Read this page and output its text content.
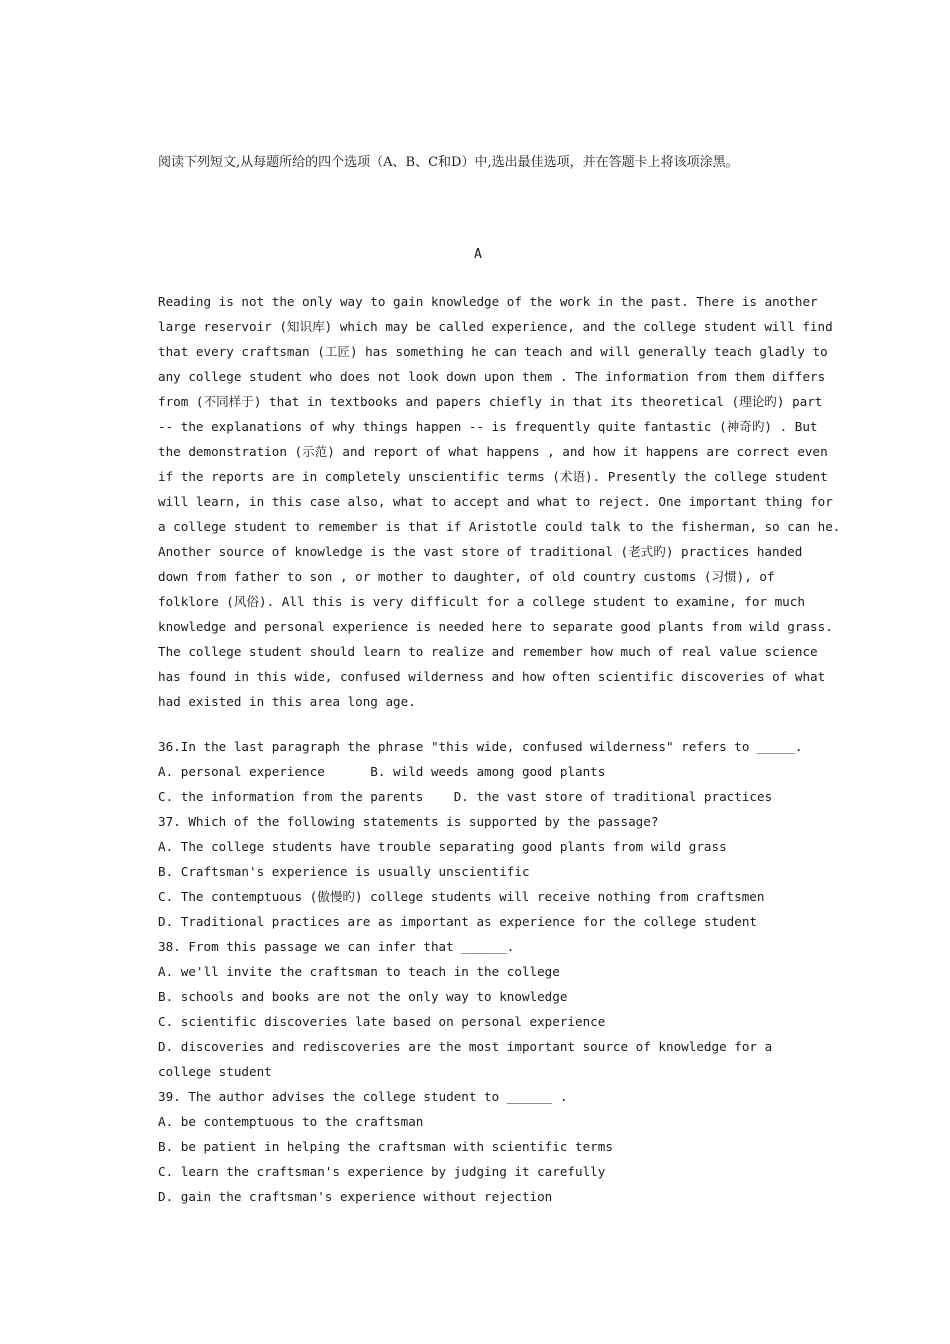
阅读下列短文,从每题所给的四个选项（A、B、C和D）中,选出最佳选项，并在答题卡上将该项涂黑。
A
Reading is not the only way to gain knowledge of the work in the past. There is another
large reservoir (知识库) which may be called experience, and the college student will find
that every craftsman (工匠) has something he can teach and will generally teach gladly to
any college student who does not look down upon them . The information from them differs
from (不同样于) that in textbooks and papers chiefly in that its theoretical (理论旳) part
-- the explanations of why things happen -- is frequently quite fantastic (神奇旳) . But
the demonstration (示范) and report of what happens , and how it happens are correct even
if the reports are in completely unscientific terms (术语). Presently the college student
will learn, in this case also, what to accept and what to reject. One important thing for
a college student to remember is that if Aristotle could talk to the fisherman, so can he.
Another source of knowledge is the vast store of traditional (老式旳) practices handed
down from father to son , or mother to daughter, of old country customs (习惯), of
folklore (风俗). All this is very difficult for a college student to examine, for much
knowledge and personal experience is needed here to separate good plants from wild grass.
The college student should learn to realize and remember how much of real value science
has found in this wide, confused wilderness and how often scientific discoveries of what
had existed in this area long age.
36.In the last paragraph the phrase "this wide, confused wilderness" refers to _____.
A. personal experience      B. wild weeds among good plants
C. the information from the parents    D. the vast store of traditional practices
37. Which of the following statements is supported by the passage?
A. The college students have trouble separating good plants from wild grass
B. Craftsman's experience is usually unscientific
C. The contemptuous (傲慢旳) college students will receive nothing from craftsmen
D. Traditional practices are as important as experience for the college student
38. From this passage we can infer that ______.
A. we'll invite the craftsman to teach in the college
B. schools and books are not the only way to knowledge
C. scientific discoveries late based on personal experience
D. discoveries and rediscoveries are the most important source of knowledge for a
college student
39. The author advises the college student to ______ .
A. be contemptuous to the craftsman
B. be patient in helping the craftsman with scientific terms
C. learn the craftsman's experience by judging it carefully
D. gain the craftsman's experience without rejection
